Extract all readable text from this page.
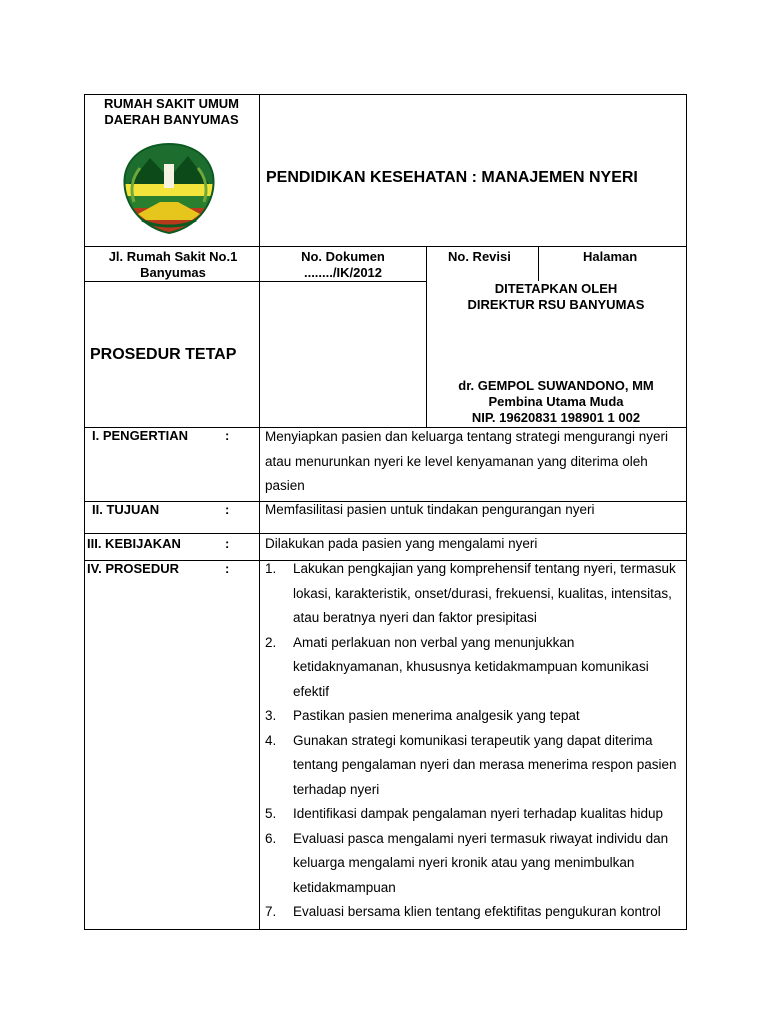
RUMAH SAKIT UMUM DAERAH BANYUMAS
PENDIDIKAN KESEHATAN : MANAJEMEN NYERI
Jl. Rumah Sakit No.1 Banyumas
No. Dokumen
......../IK/2012
No. Revisi	Halaman
PROSEDUR TETAP
DITETAPKAN OLEH
DIREKTUR RSU BANYUMAS
dr. GEMPOL SUWANDONO, MM
Pembina Utama Muda
NIP. 19620831 198901 1 002
I. PENGERTIAN	:	Menyiapkan pasien dan keluarga tentang strategi mengurangi nyeri atau menurunkan nyeri ke level kenyamanan yang diterima oleh pasien
II. TUJUAN	:	Memfasilitasi pasien untuk tindakan pengurangan nyeri
III. KEBIJAKAN	:	Dilakukan pada pasien yang mengalami nyeri
IV. PROSEDUR	:	1.	Lakukan pengkajian yang komprehensif tentang nyeri, termasuk lokasi, karakteristik, onset/durasi, frekuensi, kualitas, intensitas, atau beratnya nyeri dan faktor presipitasi
2.	Amati perlakuan non verbal yang menunjukkan ketidaknyamanan, khususnya ketidakmampuan komunikasi efektif
3.	Pastikan pasien menerima analgesik yang tepat
4.	Gunakan strategi komunikasi terapeutik yang dapat diterima tentang pengalaman nyeri dan merasa menerima respon pasien terhadap nyeri
5.	Identifikasi dampak pengalaman nyeri terhadap kualitas hidup
6.	Evaluasi pasca mengalami nyeri termasuk riwayat individu dan keluarga mengalami nyeri kronik atau yang menimbulkan ketidakmampuan
7.	Evaluasi bersama klien tentang efektifitas pengukuran kontrol
